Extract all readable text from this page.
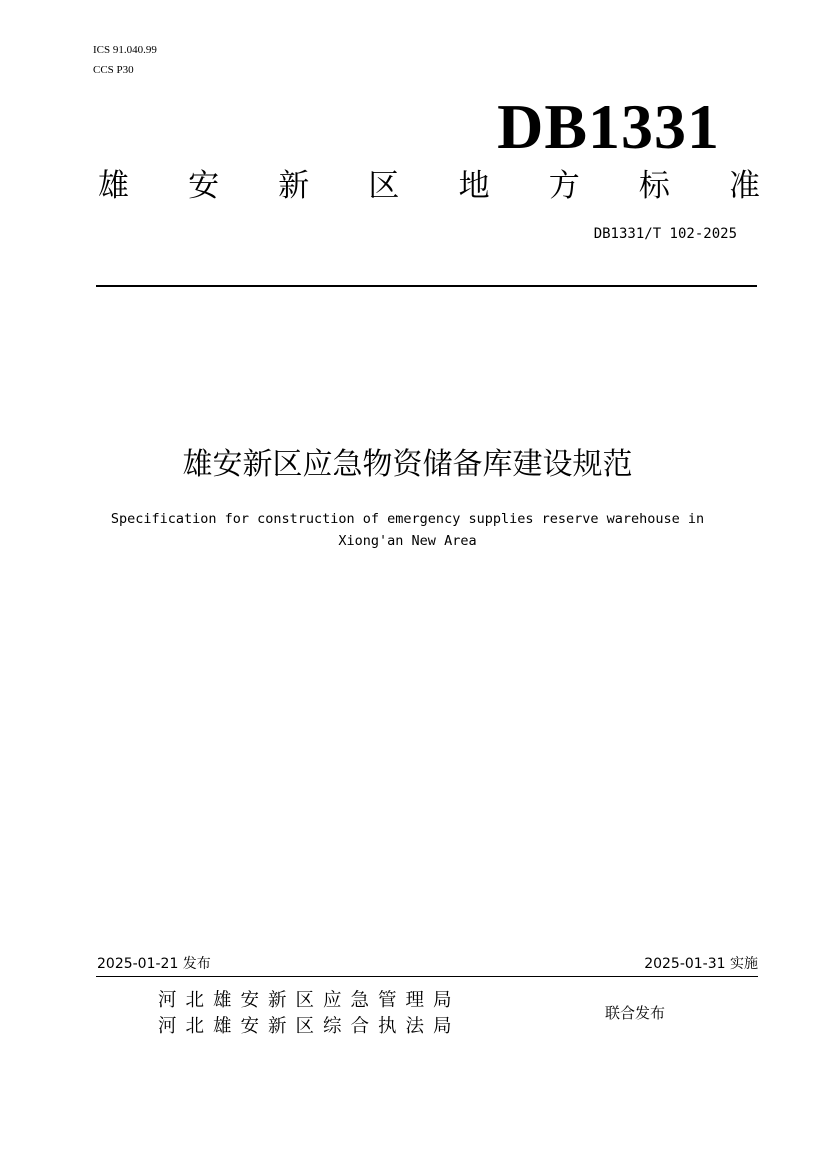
ICS 91.040.99
CCS P30
DB1331
雄 安 新 区 地 方 标 准
DB1331/T 102-2025
雄安新区应急物资储备库建设规范
Specification for construction of emergency supplies reserve warehouse in
Xiong'an New Area
2025-01-21 发布	2025-01-31 实施
河北雄安新区应急管理局
河北雄安新区综合执法局
联合发布
